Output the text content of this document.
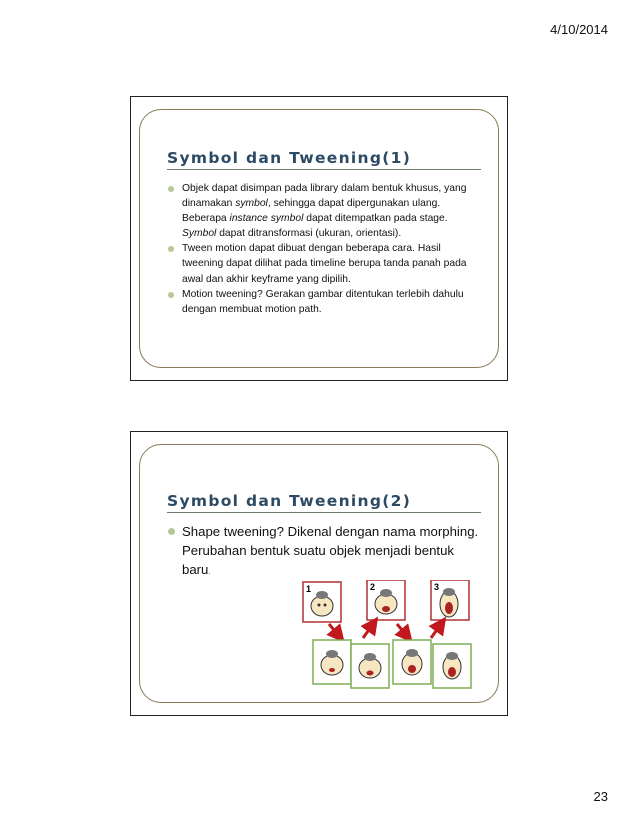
4/10/2014
Symbol dan Tweening(1)
Objek dapat disimpan pada library dalam bentuk khusus, yang dinamakan symbol, sehingga dapat dipergunakan ulang. Beberapa instance symbol dapat ditempatkan pada stage. Symbol dapat ditransformasi (ukuran, orientasi).
Tween motion dapat dibuat dengan beberapa cara. Hasil tweening dapat dilihat pada timeline berupa tanda panah pada awal dan akhir keyframe yang dipilih.
Motion tweening? Gerakan gambar ditentukan terlebih dahulu dengan membuat motion path.
Symbol dan Tweening(2)
Shape tweening? Dikenal dengan nama morphing. Perubahan bentuk suatu objek menjadi bentuk baru.
1	2	3
23
